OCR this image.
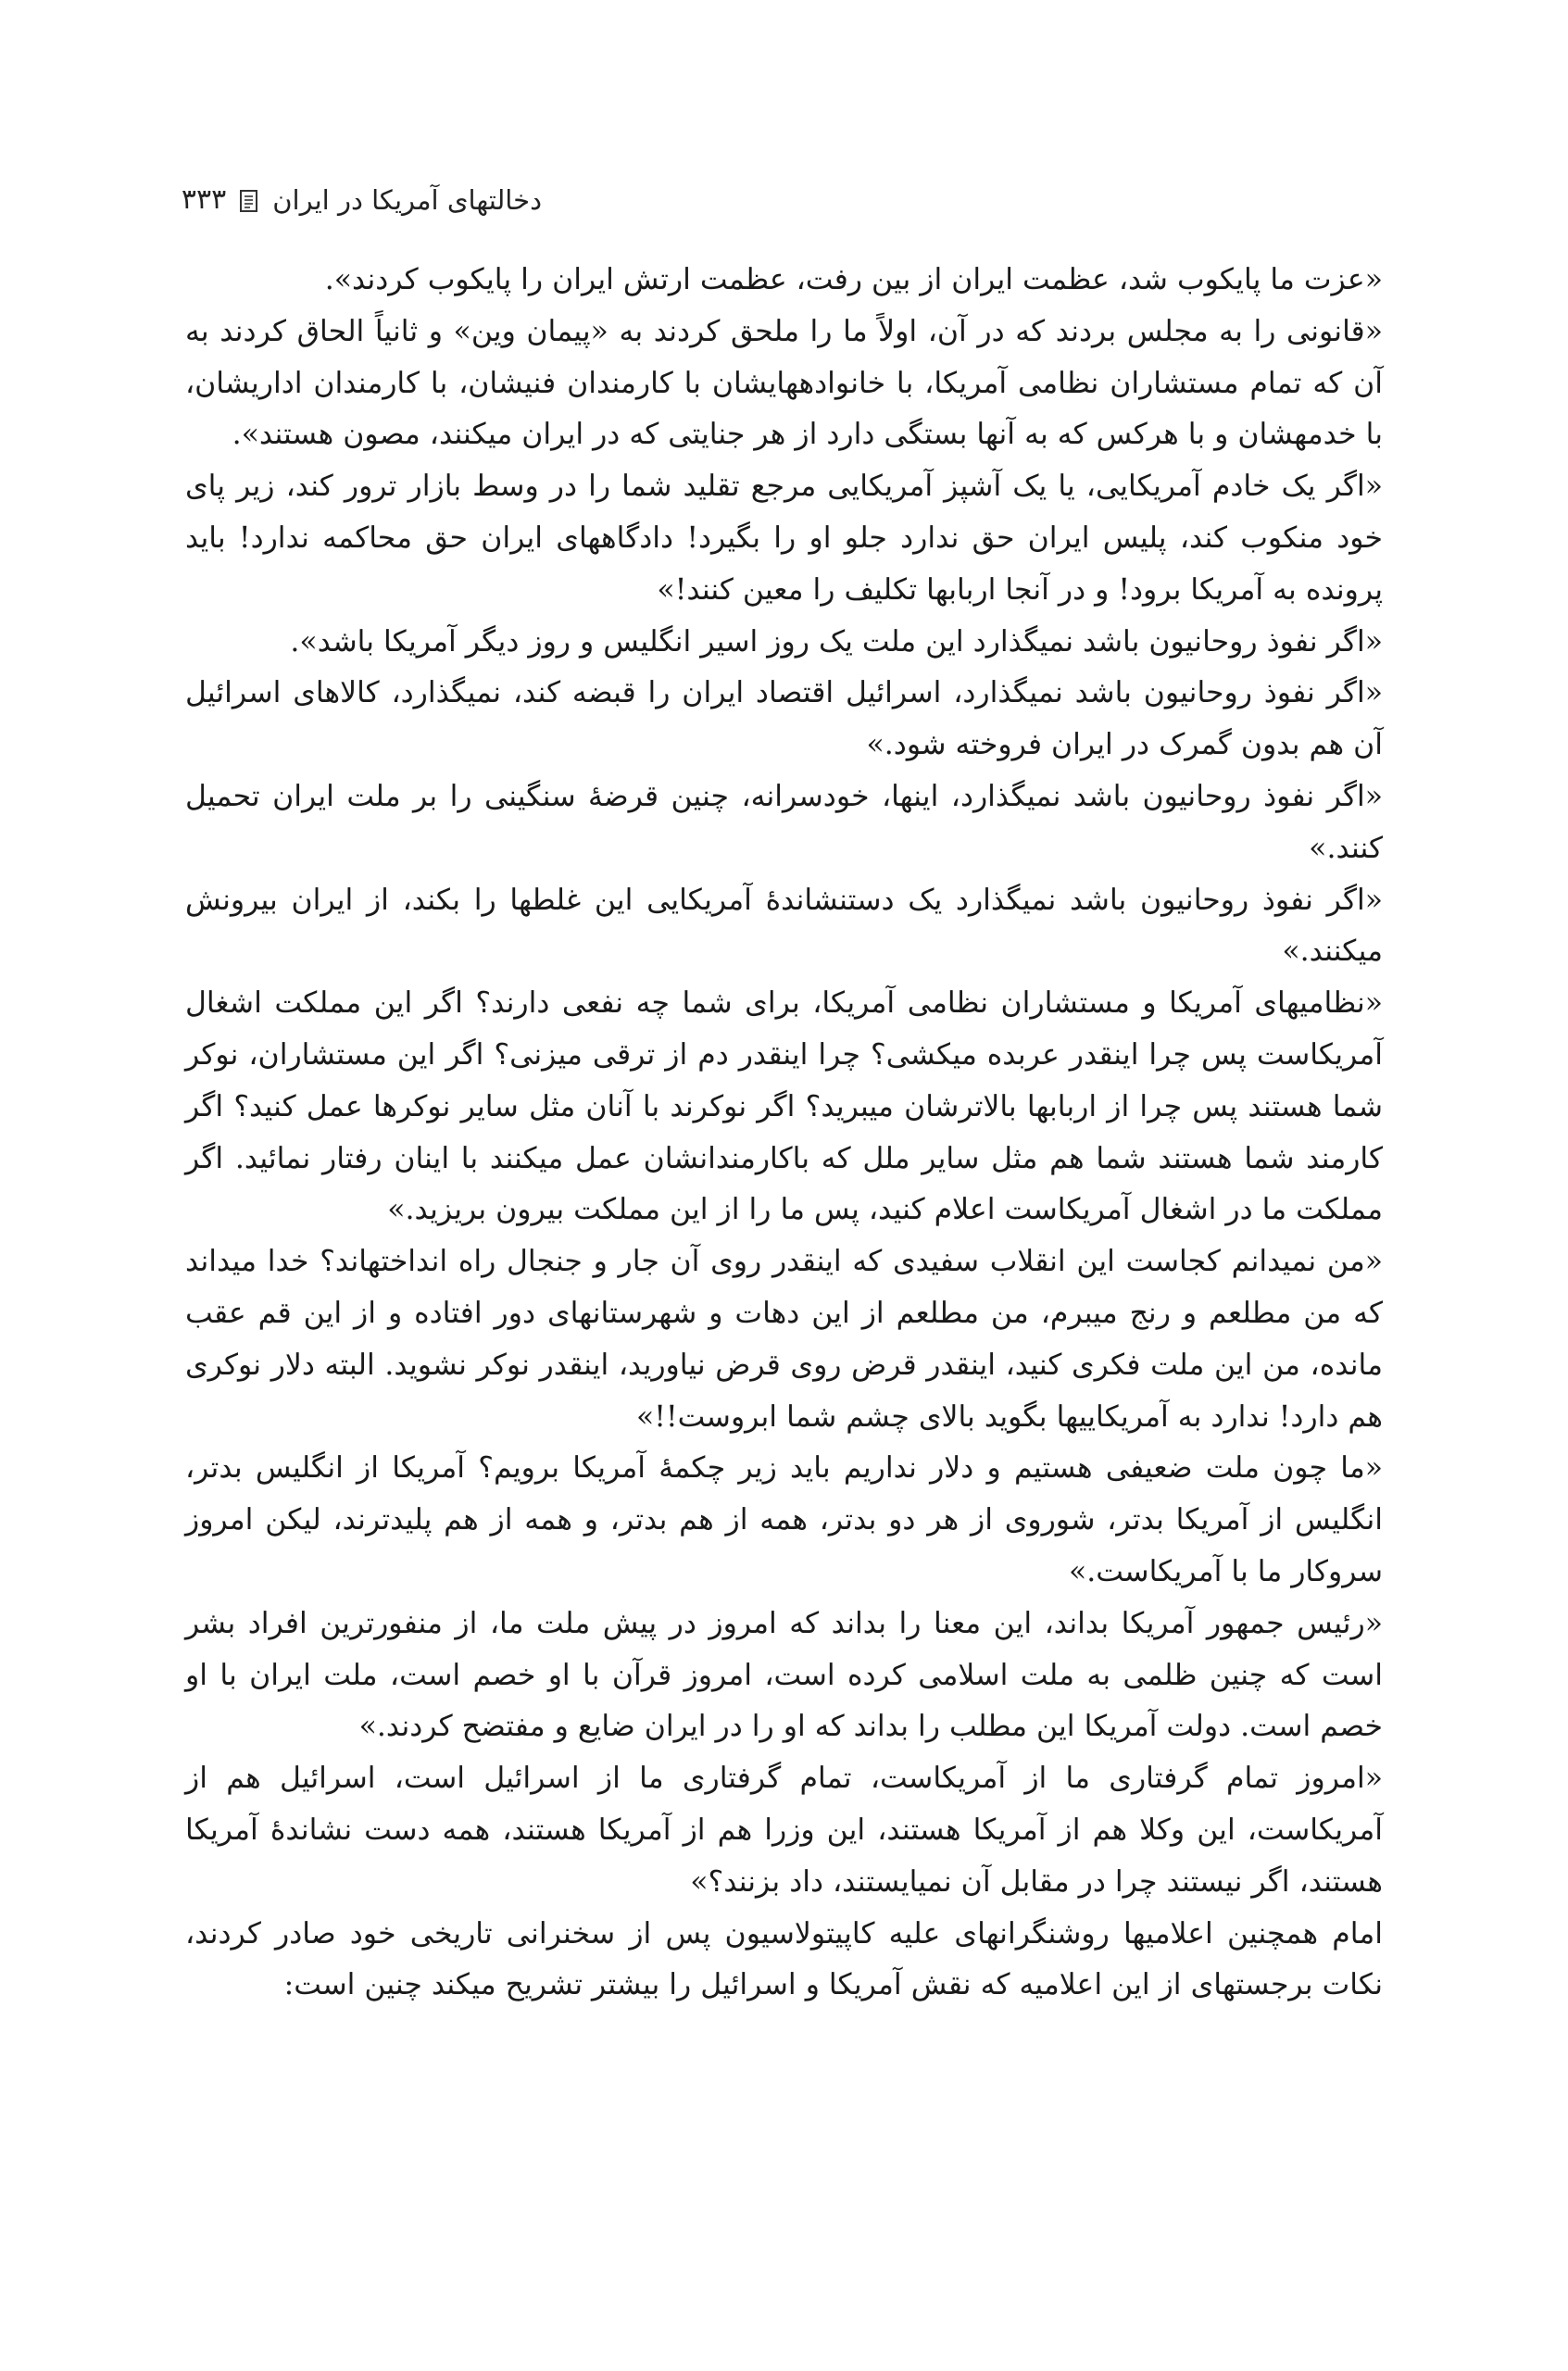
دخالتهای آمریکا در ایران
۳۳۳

«عزت ما پایکوب شد، عظمت ایران از بین رفت، عظمت ارتش ایران را پایکوب کردند».

«قانونی را به مجلس بردند که در آن، اولاً ما را ملحق کردند به «پیمان وین» و ثانیاً الحاق کردند به آن که تمام مستشاران نظامی آمریکا، با خانوادههایشان با کارمندان فنیشان، با کارمندان اداریشان، با خدمهشان و با هرکس که به آنها بستگی دارد از هر جنایتی که در ایران میکنند، مصون هستند».

«اگر یک خادم آمریکایی، یا یک آشپز آمریکایی مرجع تقلید شما را در وسط بازار ترور کند، زیر پای خود منکوب کند، پلیس ایران حق ندارد جلو او را بگیرد! دادگاههای ایران حق محاکمه ندارد! باید پرونده به آمریکا برود! و در آنجا اربابها تکلیف را معین کنند!»

«اگر نفوذ روحانیون باشد نمیگذارد این ملت یک روز اسیر انگلیس و روز دیگر آمریکا باشد».

«اگر نفوذ روحانیون باشد نمیگذارد، اسرائیل اقتصاد ایران را قبضه کند، نمیگذارد، کالاهای اسرائیل آن هم بدون گمرک در ایران فروخته شود.»

«اگر نفوذ روحانیون باشد نمیگذارد، اینها، خودسرانه، چنین قرضهٔ سنگینی را بر ملت ایران تحمیل کنند.»

«اگر نفوذ روحانیون باشد نمیگذارد یک دستنشاندهٔ آمریکایی این غلطها را بکند، از ایران بیرونش میکنند.»

«نظامیهای آمریکا و مستشاران نظامی آمریکا، برای شما چه نفعی دارند؟ اگر این مملکت اشغال آمریکاست پس چرا اینقدر عربده میکشی؟ چرا اینقدر دم از ترقی میزنی؟ اگر این مستشاران، نوکر شما هستند پس چرا از اربابها بالاترشان میبرید؟ اگر نوکرند با آنان مثل سایر نوکرها عمل کنید؟ اگر کارمند شما هستند شما هم مثل سایر ملل که باکارمندانشان عمل میکنند با اینان رفتار نمائید. اگر مملکت ما در اشغال آمریکاست اعلام کنید، پس ما را از این مملکت بیرون بریزید.»

«من نمیدانم کجاست این انقلاب سفیدی که اینقدر روی آن جار و جنجال راه انداختهاند؟ خدا میداند که من مطلعم و رنج میبرم، من مطلعم از این دهات و شهرستانهای دور افتاده و از این قم عقب مانده، من این ملت فکری کنید، اینقدر قرض روی قرض نیاورید، اینقدر نوکر نشوید. البته دلار نوکری هم دارد! ندارد به آمریکاییها بگوید بالای چشم شما ابروست!!»

«ما چون ملت ضعیفی هستیم و دلار نداریم باید زیر چکمهٔ آمریکا برویم؟ آمریکا از انگلیس بدتر، انگلیس از آمریکا بدتر، شوروی از هر دو بدتر، همه از هم بدتر، و همه از هم پلیدترند، لیکن امروز سروکار ما با آمریکاست.»

«رئیس جمهور آمریکا بداند، این معنا را بداند که امروز در پیش ملت ما، از منفورترین افراد بشر است که چنین ظلمی به ملت اسلامی کرده است، امروز قرآن با او خصم است، ملت ایران با او خصم است. دولت آمریکا این مطلب را بداند که او را در ایران ضایع و مفتضح کردند.»

«امروز تمام گرفتاری ما از آمریکاست، تمام گرفتاری ما از اسرائیل است، اسرائیل هم از آمریکاست، این وکلا هم از آمریکا هستند، این وزرا هم از آمریکا هستند، همه دست نشاندهٔ آمریکا هستند، اگر نیستند چرا در مقابل آن نمیایستند، داد بزنند؟»

امام همچنین اعلامیها روشنگرانهای علیه کاپیتولاسیون پس از سخنرانی تاریخی خود صادر کردند، نکات برجستهای از این اعلامیه که نقش آمریکا و اسرائیل را بیشتر تشریح میکند چنین است:
